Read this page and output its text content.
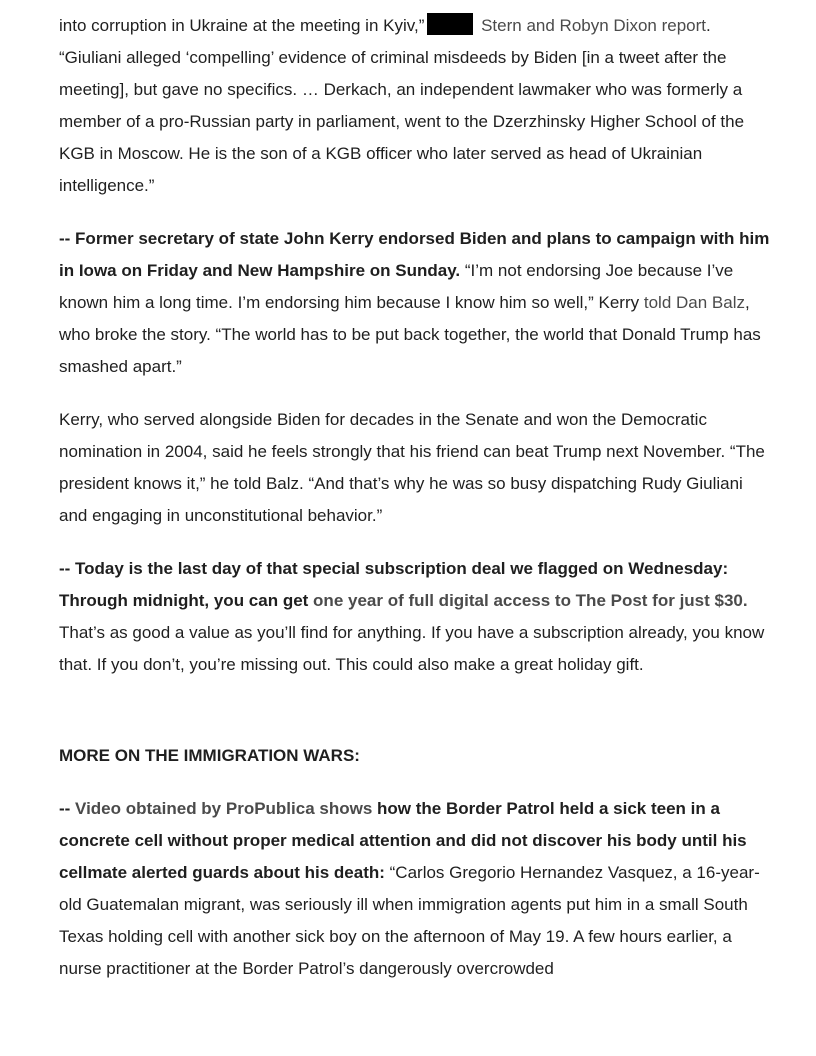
into corruption in Ukraine at the meeting in Kyiv,”	Stern and Robyn Dixon report. “Giuliani alleged ‘compelling’ evidence of criminal misdeeds by Biden [in a tweet after the meeting], but gave no specifics. … Derkach, an independent lawmaker who was formerly a member of a pro-Russian party in parliament, went to the Dzerzhinsky Higher School of the KGB in Moscow. He is the son of a KGB officer who later served as head of Ukrainian intelligence.”

-- Former secretary of state John Kerry endorsed Biden and plans to campaign with him in Iowa on Friday and New Hampshire on Sunday. “I’m not endorsing Joe because I’ve known him a long time. I’m endorsing him because I know him so well,” Kerry told Dan Balz, who broke the story. “The world has to be put back together, the world that Donald Trump has smashed apart.”

Kerry, who served alongside Biden for decades in the Senate and won the Democratic nomination in 2004, said he feels strongly that his friend can beat Trump next November. “The president knows it,” he told Balz. “And that’s why he was so busy dispatching Rudy Giuliani and engaging in unconstitutional behavior.”

-- Today is the last day of that special subscription deal we flagged on Wednesday: Through midnight, you can get one year of full digital access to The Post for just $30. That’s as good a value as you’ll find for anything. If you have a subscription already, you know that. If you don’t, you’re missing out. This could also make a great holiday gift.

MORE ON THE IMMIGRATION WARS:

-- Video obtained by ProPublica shows how the Border Patrol held a sick teen in a concrete cell without proper medical attention and did not discover his body until his cellmate alerted guards about his death: “Carlos Gregorio Hernandez Vasquez, a 16-year-old Guatemalan migrant, was seriously ill when immigration agents put him in a small South Texas holding cell with another sick boy on the afternoon of May 19. A few hours earlier, a nurse practitioner at the Border Patrol’s dangerously overcrowded
